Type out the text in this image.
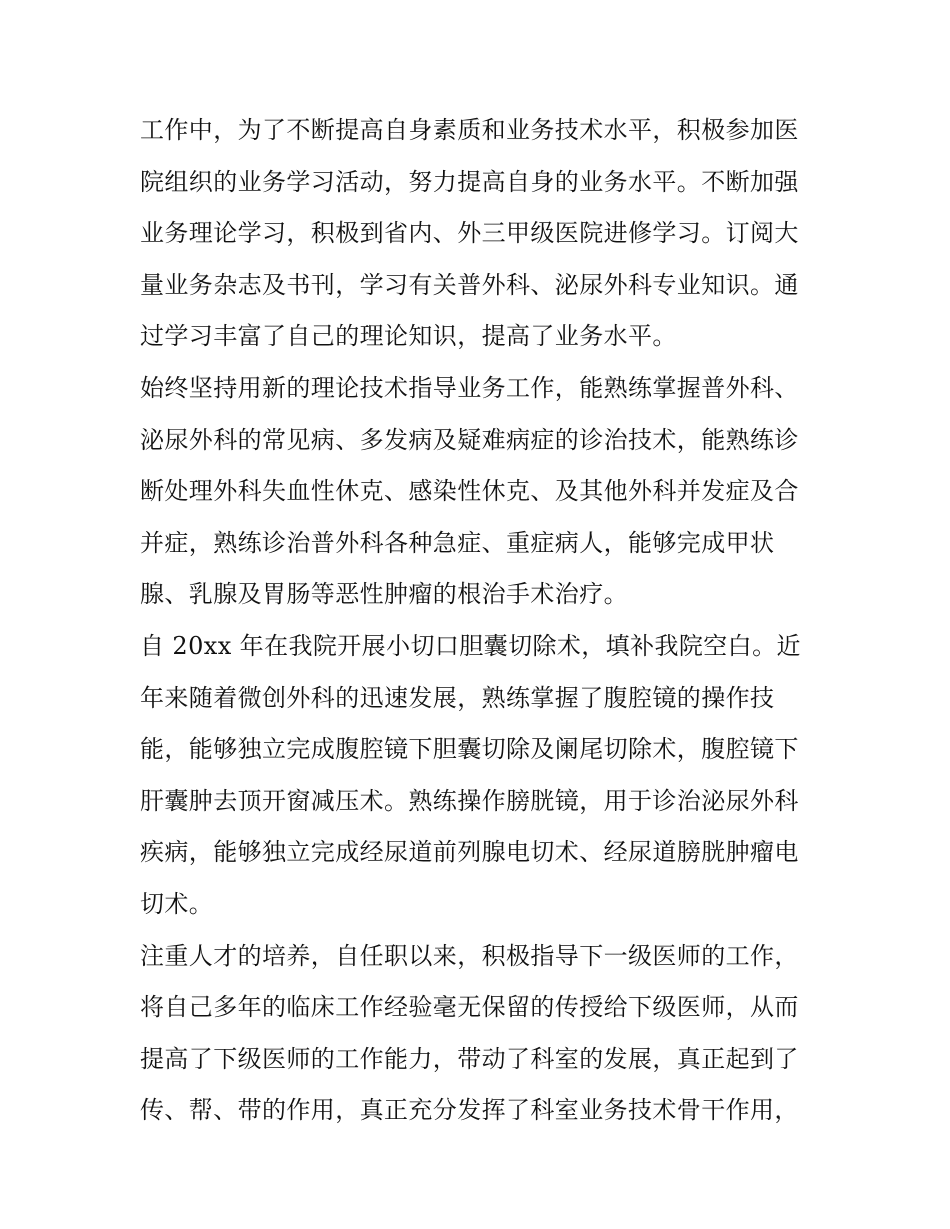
工作中，为了不断提高自身素质和业务技术水平，积极参加医
院组织的业务学习活动，努力提高自身的业务水平。不断加强
业务理论学习，积极到省内、外三甲级医院进修学习。订阅大
量业务杂志及书刊，学习有关普外科、泌尿外科专业知识。通
过学习丰富了自己的理论知识，提高了业务水平。
始终坚持用新的理论技术指导业务工作，能熟练掌握普外科、
泌尿外科的常见病、多发病及疑难病症的诊治技术，能熟练诊
断处理外科失血性休克、感染性休克、及其他外科并发症及合
并症，熟练诊治普外科各种急症、重症病人，能够完成甲状
腺、乳腺及胃肠等恶性肿瘤的根治手术治疗。
自 20xx 年在我院开展小切口胆囊切除术，填补我院空白。近
年来随着微创外科的迅速发展，熟练掌握了腹腔镜的操作技
能，能够独立完成腹腔镜下胆囊切除及阑尾切除术，腹腔镜下
肝囊肿去顶开窗减压术。熟练操作膀胱镜，用于诊治泌尿外科
疾病，能够独立完成经尿道前列腺电切术、经尿道膀胱肿瘤电
切术。
注重人才的培养，自任职以来，积极指导下一级医师的工作，
将自己多年的临床工作经验毫无保留的传授给下级医师，从而
提高了下级医师的工作能力，带动了科室的发展，真正起到了
传、帮、带的作用，真正充分发挥了科室业务技术骨干作用，
